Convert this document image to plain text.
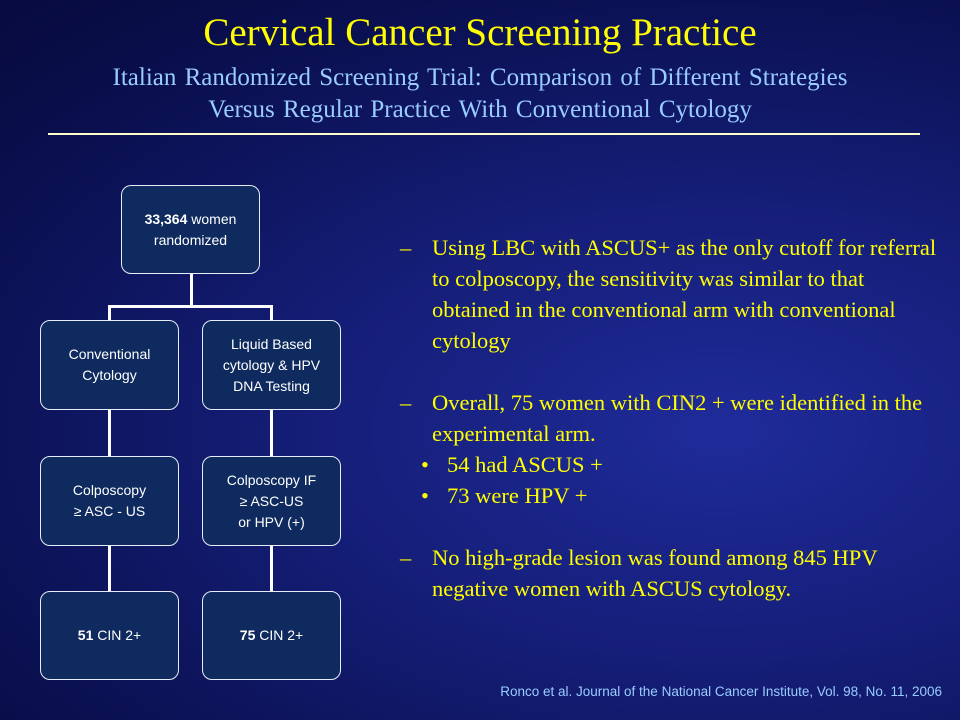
Cervical Cancer Screening Practice
Italian Randomized Screening Trial: Comparison of Different Strategies
Versus Regular Practice With Conventional Cytology
33,364 women
randomized
Conventional
Cytology
Liquid Based
cytology & HPV
DNA Testing
Colposcopy
≥ ASC - US
Colposcopy IF
≥ ASC-US
or HPV (+)
51 CIN 2+	75 CIN 2+
– Using LBC with ASCUS+ as the only cutoff for referral to colposcopy, the sensitivity was similar to that obtained in the conventional arm with conventional cytology
– Overall, 75 women with CIN2 + were identified in the experimental arm.
• 54 had ASCUS +
• 73 were HPV +
– No high-grade lesion was found among 845 HPV negative women with ASCUS cytology.
Ronco et al. Journal of the National Cancer Institute, Vol. 98, No. 11, 2006
